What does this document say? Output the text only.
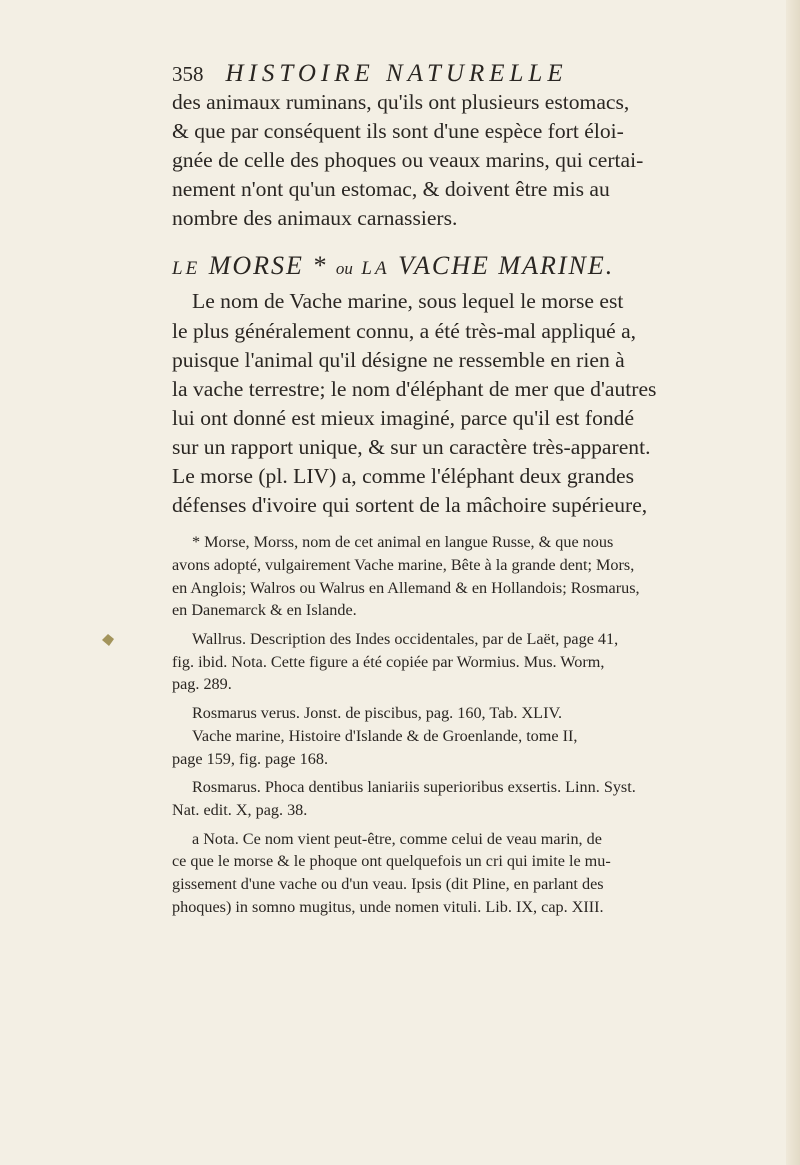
358 HISTOIRE NATURELLE

des animaux ruminans, qu'ils ont plusieurs estomacs,

& que par conséquent ils sont d'une espèce fort éloi-

gnée de celle des phoques ou veaux marins, qui certai-

nement n'ont qu'un estomac, & doivent être mis au

nombre des animaux carnassiers.

LE MORSE * ou LA VACHE MARINE.

Le nom de Vache marine, sous lequel le morse est

le plus généralement connu, a été très-mal appliqué a,

puisque l'animal qu'il désigne ne ressemble en rien à

la vache terrestre; le nom d'éléphant de mer que d'autres

lui ont donné est mieux imaginé, parce qu'il est fondé

sur un rapport unique, & sur un caractère très-apparent.

Le morse (pl. LIV) a, comme l'éléphant deux grandes

défenses d'ivoire qui sortent de la mâchoire supérieure,

* Morse, Morss, nom de cet animal en langue Russe, & que nous
avons adopté, vulgairement Vache marine, Bête à la grande dent; Mors,
en Anglois; Walros ou Walrus en Allemand & en Hollandois; Rosmarus,
en Danemarck & en Islande.
Wallrus. Description des Indes occidentales, par de Laët, page 41,
fig. ibid. Nota. Cette figure a été copiée par Wormius. Mus. Worm,
pag. 289.
Rosmarus verus. Jonst. de piscibus, pag. 160, Tab. XLIV.
Vache marine, Histoire d'Islande & de Groenlande, tome II,
page 159, fig. page 168.
Rosmarus. Phoca dentibus laniariis superioribus exsertis. Linn. Syst.
Nat. edit. X, pag. 38.
a Nota. Ce nom vient peut-être, comme celui de veau marin, de
ce que le morse & le phoque ont quelquefois un cri qui imite le mu-
gissement d'une vache ou d'un veau. Ipsis (dit Pline, en parlant des
phoques) in somno mugitus, unde nomen vituli. Lib. IX, cap. XIII.
